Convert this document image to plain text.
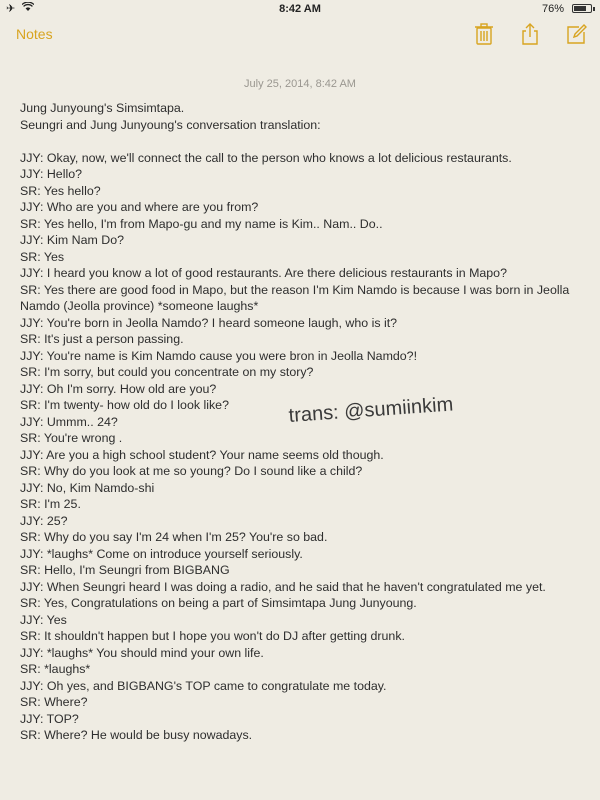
✈	8:42 AM	76%
Notes
July 25, 2014, 8:42 AM
Jung Junyoung's Simsimtapa.
Seungri and Jung Junyoung's conversation translation:
JJY: Okay, now, we'll connect the call to the person who knows a lot delicious restaurants.
JJY: Hello?
SR: Yes hello?
JJY: Who are you and where are you from?
SR: Yes hello, I'm from Mapo-gu and my name is Kim.. Nam.. Do..
JJY: Kim Nam Do?
SR: Yes
JJY: I heard you know a lot of good restaurants. Are there delicious restaurants in Mapo?
SR: Yes there are good food in Mapo, but the reason I'm Kim Namdo is because I was born in Jeolla Namdo (Jeolla province) *someone laughs*
JJY: You're born in Jeolla Namdo? I heard someone laugh, who is it?
SR: It's just a person passing.
JJY: You're name is Kim Namdo cause you were bron in Jeolla Namdo?!
SR: I'm sorry, but could you concentrate on my story?
JJY: Oh I'm sorry. How old are you?
SR: I'm twenty- how old do I look like?
JJY: Ummm.. 24?
SR: You're wrong .
JJY: Are you a high school student? Your name seems old though.
SR: Why do you look at me so young? Do I sound like a child?
JJY: No, Kim Namdo-shi
SR: I'm 25.
JJY: 25?
SR: Why do you say I'm 24 when I'm 25? You're so bad.
JJY: *laughs* Come on introduce yourself seriously.
SR: Hello, I'm Seungri from BIGBANG
JJY: When Seungri heard I was doing a radio, and he said that he haven't congratulated me yet.
SR: Yes, Congratulations on being a part of Simsimtapa Jung Junyoung.
JJY: Yes
SR: It shouldn't happen but I hope you won't do DJ after getting drunk.
JJY: *laughs* You should mind your own life.
SR: *laughs*
JJY: Oh yes, and BIGBANG's TOP came to congratulate me today.
SR: Where?
JJY: TOP?
SR: Where? He would be busy nowadays.
trans: @sumiinkim
